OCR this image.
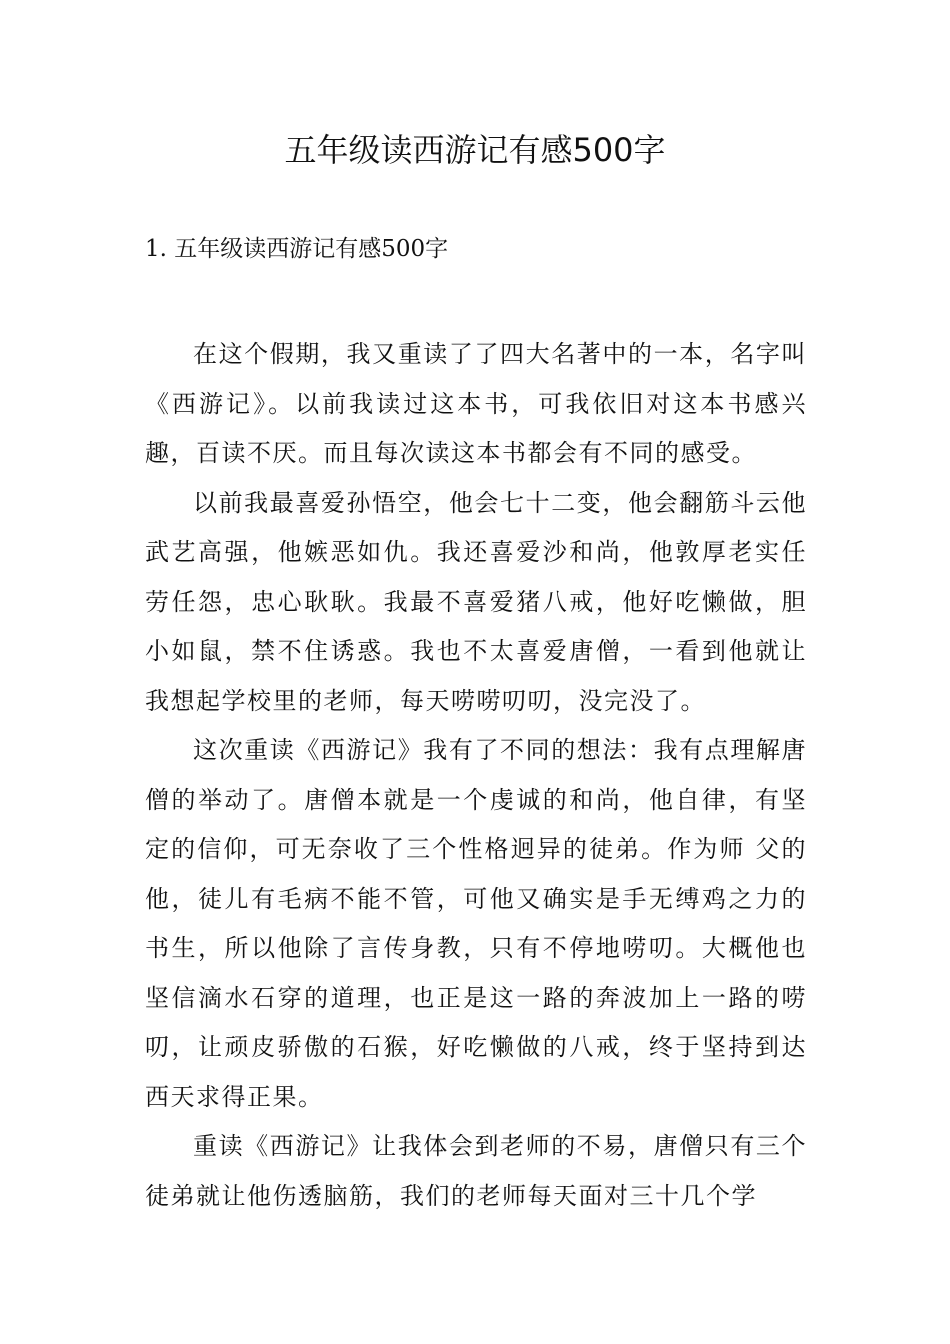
五年级读西游记有感500字
1. 五年级读西游记有感500字

在这个假期，我又重读了了四大名著中的一本，名字叫《西游记》。以前我读过这本书，可我依旧对这本书感兴趣，百读不厌。而且每次读这本书都会有不同的感受。

以前我最喜爱孙悟空，他会七十二变，他会翻筋斗云他武艺高强，他嫉恶如仇。我还喜爱沙和尚，他敦厚老实任劳任怨，忠心耿耿。我最不喜爱猪八戒，他好吃懒做，胆小如鼠，禁不住诱惑。我也不太喜爱唐僧，一看到他就让我想起学校里的老师，每天唠唠叨叨，没完没了。

这次重读《西游记》我有了不同的想法：我有点理解唐僧的举动了。唐僧本就是一个虔诚的和尚，他自律，有坚定的信仰，可无奈收了三个性格迥异的徒弟。作为师 父的他，徒儿有毛病不能不管，可他又确实是手无缚鸡之力的书生，所以他除了言传身教，只有不停地唠叨。大概他也坚信滴水石穿的道理，也正是这一路的奔波加上一路的唠叨，让顽皮骄傲的石猴，好吃懒做的八戒，终于坚持到达西天求得正果。

重读《西游记》让我体会到老师的不易，唐僧只有三个徒弟就让他伤透脑筋，我们的老师每天面对三十几个学
